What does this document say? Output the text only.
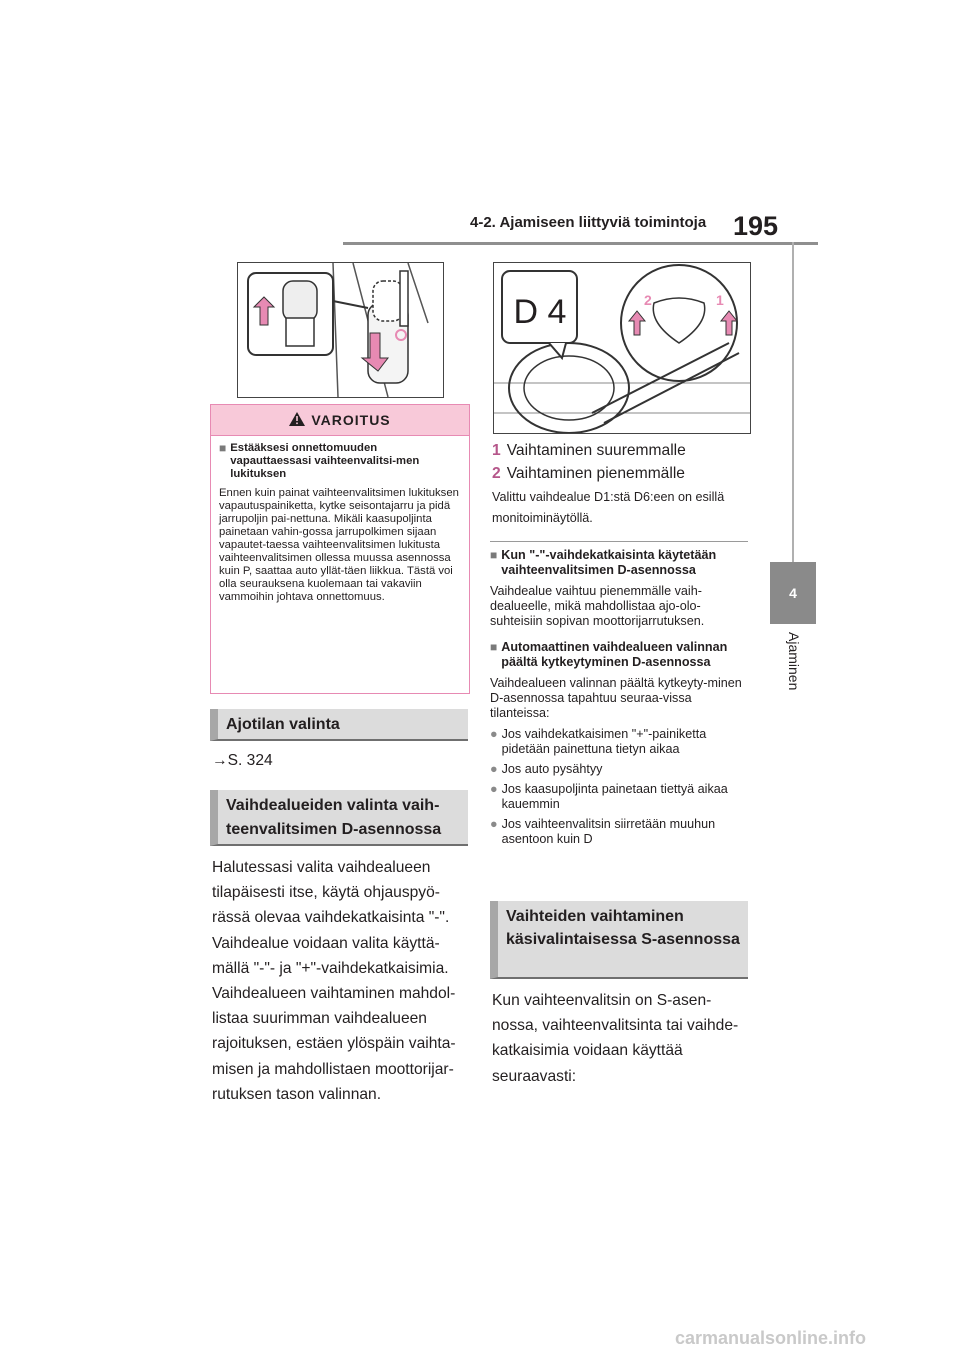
4-2. Ajamiseen liittyviä toimintoja 195
4
Ajaminen
D 4	2	1
VAROITUS
■ Estääksesi onnettomuuden vapauttaessasi vaihteenvalitsi-men lukituksen
Ennen kuin painat vaihteenvalitsimen lukituksen vapautuspainiketta, kytke seisontajarru ja pidä jarrupoljin pai-nettuna. Mikäli kaasupoljinta painetaan vahin-gossa jarrupolkimen sijaan vapautet-taessa vaihteenvalitsimen lukitusta vaihteenvalitsimen ollessa muussa asennossa kuin P, saattaa auto yllät-täen liikkua. Tästä voi olla seurauksena kuolemaan tai vakaviin vammoihin johtava onnettomuus.
Ajotilan valinta
→S. 324
Vaihdealueiden valinta vaih-teenvalitsimen D-asennossa
Halutessasi valita vaihdealueen tilapäisesti itse, käytä ohjauspyö-rässä olevaa vaihdekatkaisinta "-". Vaihdealue voidaan valita käyttä-mällä "-"- ja "+"-vaihdekatkaisimia. Vaihdealueen vaihtaminen mahdol-listaa suurimman vaihdealueen rajoituksen, estäen ylöspäin vaihta-misen ja mahdollistaen moottorijar-rutuksen tason valinnan.
1 Vaihtaminen suuremmalle
2 Vaihtaminen pienemmälle
Valittu vaihdealue D1:stä D6:een on esillä monitoiminäytöllä.
■ Kun "-"-vaihdekatkaisinta käytetään vaihteenvalitsimen D-asennossa
Vaihdealue vaihtuu pienemmälle vaih-dealueelle, mikä mahdollistaa ajo-olo-suhteisiin sopivan moottorijarrutuksen.
■ Automaattinen vaihdealueen valinnan päältä kytkeytyminen D-asennossa
Vaihdealueen valinnan päältä kytkeyty-minen D-asennossa tapahtuu seuraa-vissa tilanteissa:
● Jos vaihdekatkaisimen "+"-painiketta pidetään painettuna tietyn aikaa
● Jos auto pysähtyy
● Jos kaasupoljinta painetaan tiettyä aikaa kauemmin
● Jos vaihteenvalitsin siirretään muuhun asentoon kuin D
Vaihteiden vaihtaminen käsivalintaisessa S-asennossa
Kun vaihteenvalitsin on S-asen-nossa, vaihteenvalitsinta tai vaihde-katkaisimia voidaan käyttää seuraavasti:
carmanualsonline.info
